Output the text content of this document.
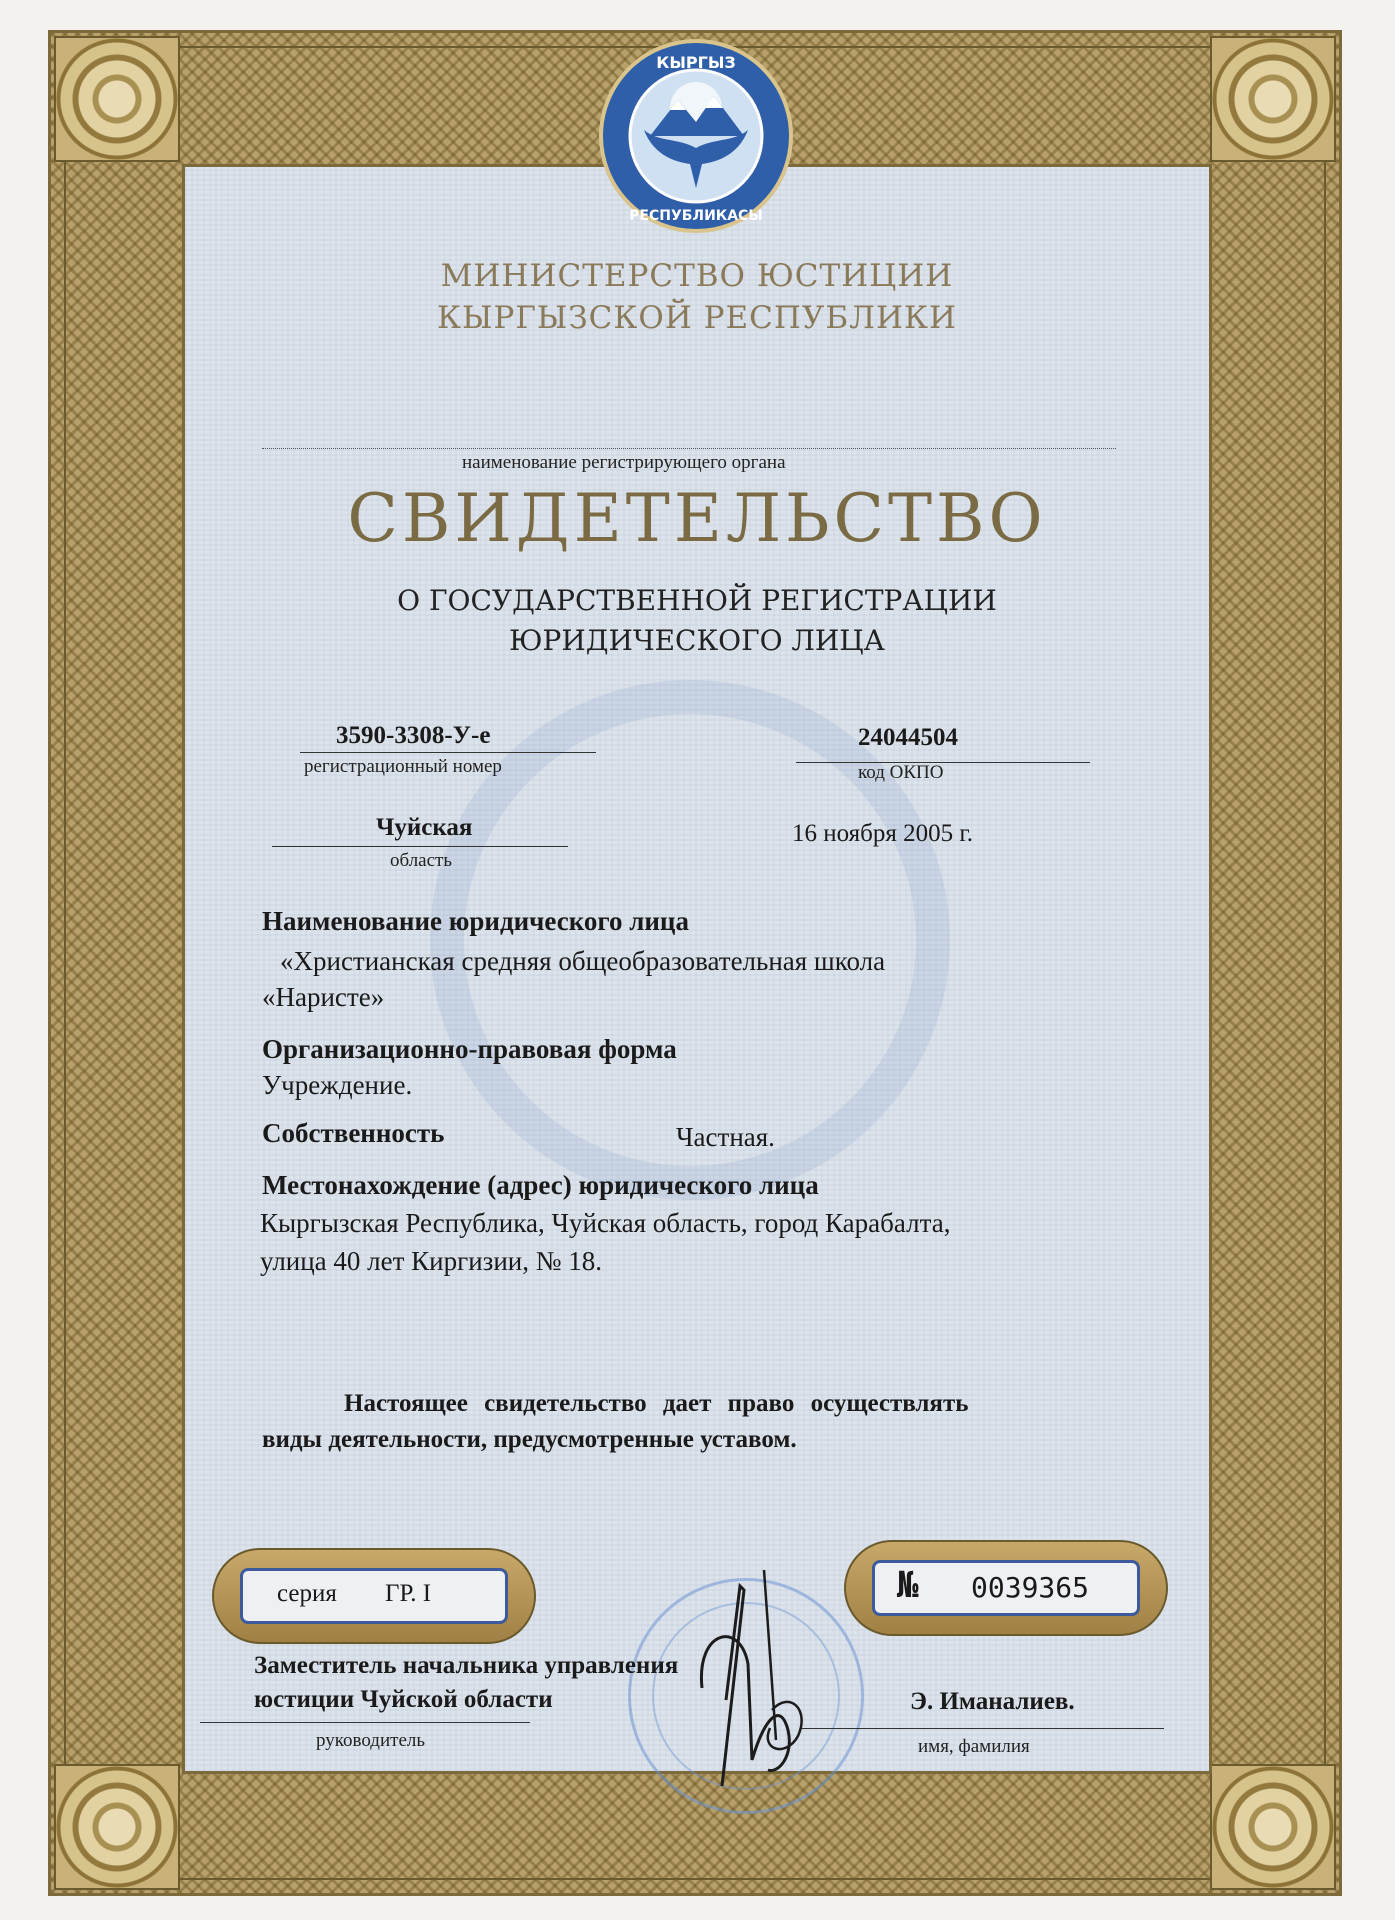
КЫРГЫЗ
РЕСПУБЛИКАСЫ
МИНИСТЕРСТВО ЮСТИЦИИ
КЫРГЫЗСКОЙ РЕСПУБЛИКИ
наименование регистрирующего органа
СВИДЕТЕЛЬСТВО
О ГОСУДАРСТВЕННОЙ РЕГИСТРАЦИИ
ЮРИДИЧЕСКОГО ЛИЦА
3590-3308-У-е
регистрационный номер
24044504
код ОКПО
Чуйская
область
16 ноября 2005 г.
Наименование юридического лица
«Христианская средняя общеобразовательная школа
«Наристе»
Организационно-правовая форма
Учреждение.
Собственность	Частная.
Местонахождение (адрес) юридического лица
Кыргызская Республика, Чуйская область, город Карабалта,
улица 40 лет Киргизии, № 18.
Настоящее свидетельство дает право осуществлять
виды деятельности, предусмотренные уставом.
серия ГР. I	№ 0039365
Заместитель начальника управления
юстиции Чуйской области
руководитель
Э. Иманалиев.
имя, фамилия
